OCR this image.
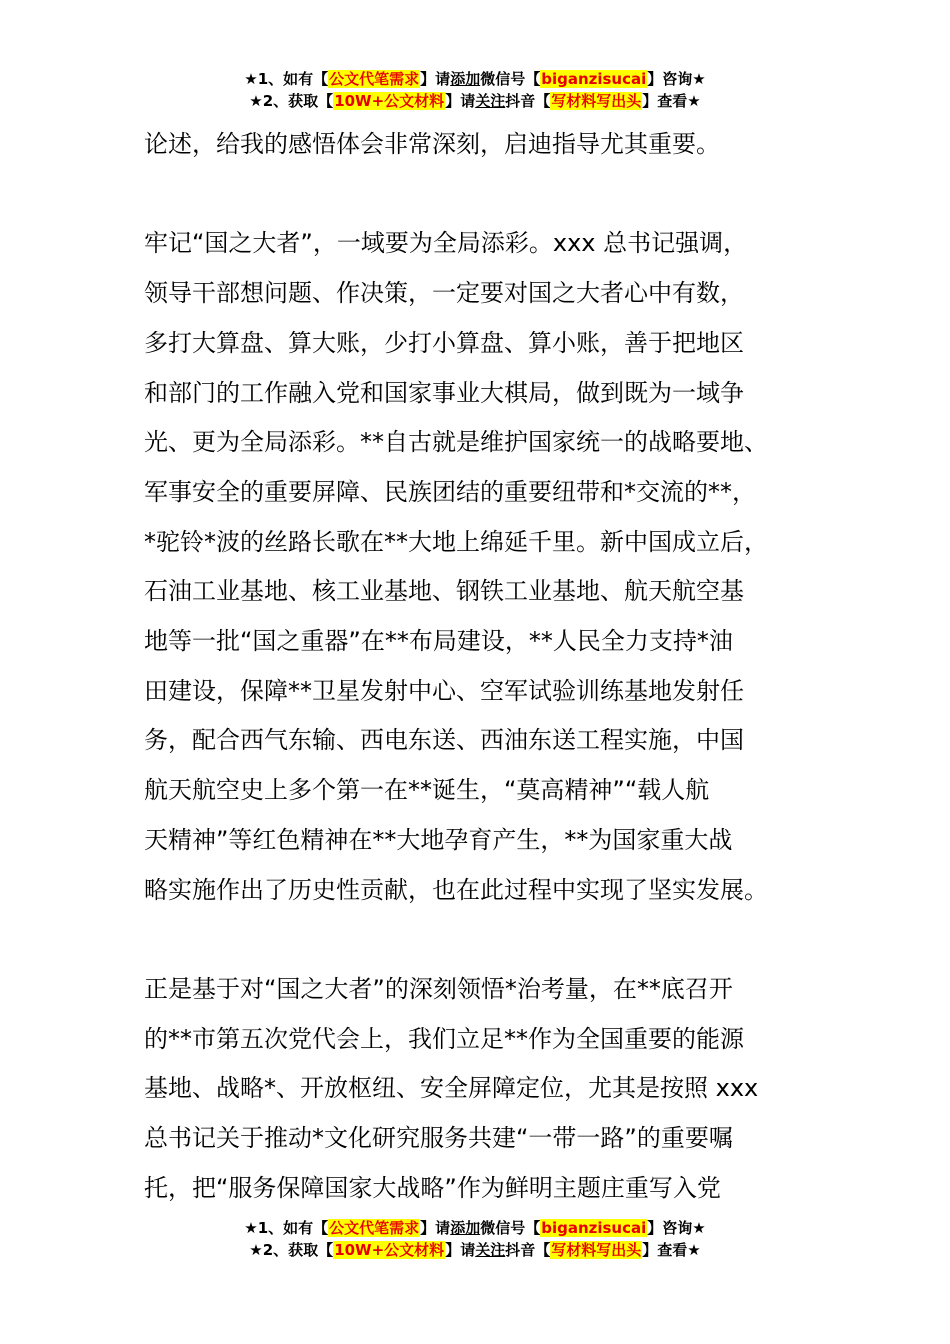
★1、如有【公文代笔需求】请添加微信号【biganzisucai】咨询★
★2、获取【10W+公文材料】请关注抖音【写材料写出头】查看★

论述，给我的感悟体会非常深刻，启迪指导尤其重要。

牢记“国之大者”，一域要为全局添彩。xxx 总书记强调，

领导干部想问题、作决策，一定要对国之大者心中有数，

多打大算盘、算大账，少打小算盘、算小账，善于把地区

和部门的工作融入党和国家事业大棋局，做到既为一域争

光、更为全局添彩。**自古就是维护国家统一的战略要地、

军事安全的重要屏障、民族团结的重要纽带和*交流的**，

*驼铃*波的丝路长歌在**大地上绵延千里。新中国成立后，

石油工业基地、核工业基地、钢铁工业基地、航天航空基

地等一批“国之重器”在**布局建设，**人民全力支持*油

田建设，保障**卫星发射中心、空军试验训练基地发射任

务，配合西气东输、西电东送、西油东送工程实施，中国

航天航空史上多个第一在**诞生，“莫高精神”“载人航

天精神”等红色精神在**大地孕育产生，**为国家重大战

略实施作出了历史性贡献，也在此过程中实现了坚实发展。

正是基于对“国之大者”的深刻领悟*治考量，在**底召开

的**市第五次党代会上，我们立足**作为全国重要的能源

基地、战略*、开放枢纽、安全屏障定位，尤其是按照 xxx

总书记关于推动*文化研究服务共建“一带一路”的重要嘱

托，把“服务保障国家大战略”作为鲜明主题庄重写入党

★1、如有【公文代笔需求】请添加微信号【biganzisucai】咨询★
★2、获取【10W+公文材料】请关注抖音【写材料写出头】查看★
